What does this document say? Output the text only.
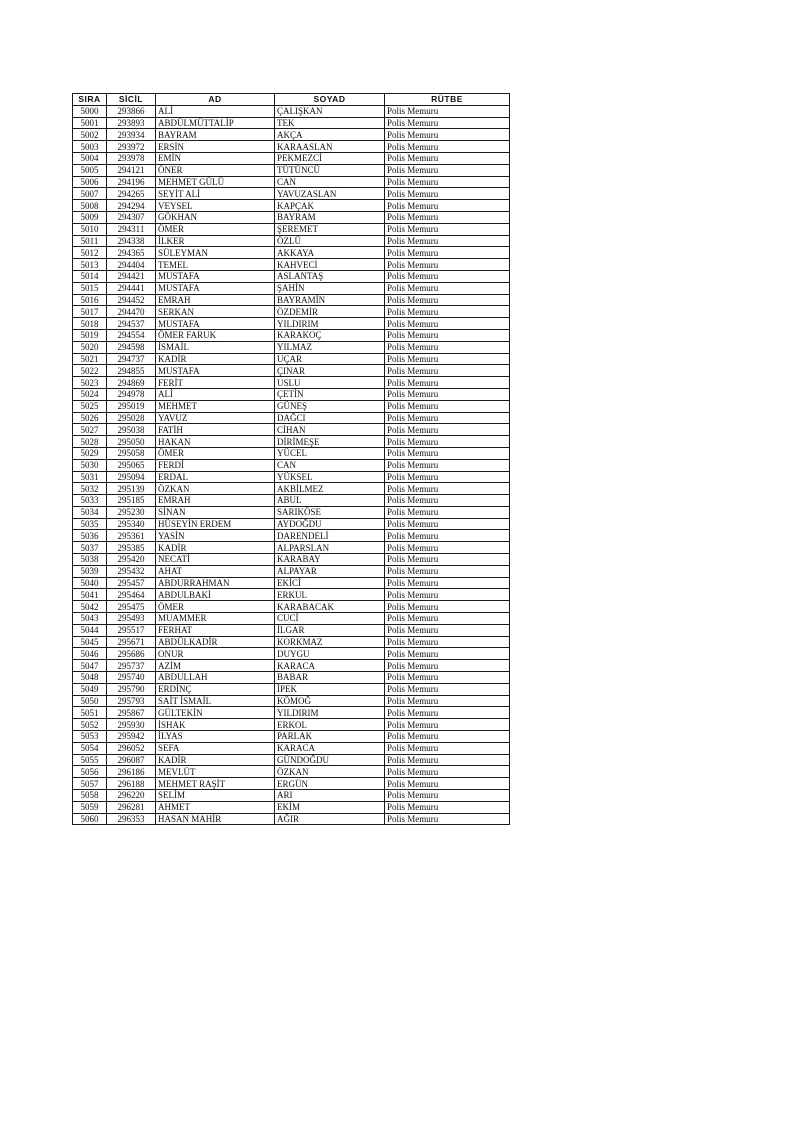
SIRA	SİCİL	AD	SOYAD	RÜTBE
5000	293866	ALİ	ÇALIŞKAN	Polis Memuru
5001	293893	ABDÜLMÜTTALİP	TEK	Polis Memuru
5002	293934	BAYRAM	AKÇA	Polis Memuru
5003	293972	ERSİN	KARAASLAN	Polis Memuru
5004	293978	EMİN	PEKMEZCİ	Polis Memuru
5005	294121	ÖNER	TÜTÜNCÜ	Polis Memuru
5006	294196	MEHMET GÜLÜ	CAN	Polis Memuru
5007	294265	SEYİT ALİ	YAVUZASLAN	Polis Memuru
5008	294294	VEYSEL	KAPÇAK	Polis Memuru
5009	294307	GÖKHAN	BAYRAM	Polis Memuru
5010	294311	ÖMER	ŞEREMET	Polis Memuru
5011	294338	İLKER	ÖZLÜ	Polis Memuru
5012	294365	SÜLEYMAN	AKKAYA	Polis Memuru
5013	294404	TEMEL	KAHVECİ	Polis Memuru
5014	294421	MUSTAFA	ASLANTAŞ	Polis Memuru
5015	294441	MUSTAFA	ŞAHİN	Polis Memuru
5016	294452	EMRAH	BAYRAMİN	Polis Memuru
5017	294470	SERKAN	ÖZDEMİR	Polis Memuru
5018	294537	MUSTAFA	YILDIRIM	Polis Memuru
5019	294554	ÖMER FARUK	KARAKOÇ	Polis Memuru
5020	294598	İSMAİL	YILMAZ	Polis Memuru
5021	294737	KADİR	UÇAR	Polis Memuru
5022	294855	MUSTAFA	ÇINAR	Polis Memuru
5023	294869	FERİT	USLU	Polis Memuru
5024	294978	ALİ	ÇETİN	Polis Memuru
5025	295019	MEHMET	GÜNEŞ	Polis Memuru
5026	295028	YAVUZ	DAĞCI	Polis Memuru
5027	295038	FATİH	CİHAN	Polis Memuru
5028	295050	HAKAN	DİRİMEŞE	Polis Memuru
5029	295058	ÖMER	YÜCEL	Polis Memuru
5030	295065	FERDİ	CAN	Polis Memuru
5031	295094	ERDAL	YÜKSEL	Polis Memuru
5032	295139	ÖZKAN	AKBİLMEZ	Polis Memuru
5033	295185	EMRAH	ABUL	Polis Memuru
5034	295230	SİNAN	SARIKÖSE	Polis Memuru
5035	295340	HÜSEYİN ERDEM	AYDOĞDU	Polis Memuru
5036	295361	YASİN	DARENDELİ	Polis Memuru
5037	295385	KADİR	ALPARSLAN	Polis Memuru
5038	295420	NECATİ	KARABAY	Polis Memuru
5039	295432	AHAT	ALPAYAR	Polis Memuru
5040	295457	ABDURRAHMAN	EKİCİ	Polis Memuru
5041	295464	ABDULBAKİ	ERKUL	Polis Memuru
5042	295475	ÖMER	KARABACAK	Polis Memuru
5043	295493	MUAMMER	CUCİ	Polis Memuru
5044	295517	FERHAT	İLGAR	Polis Memuru
5045	295671	ABDÜLKADİR	KORKMAZ	Polis Memuru
5046	295686	ONUR	DUYGU	Polis Memuru
5047	295737	AZİM	KARACA	Polis Memuru
5048	295740	ABDULLAH	BABAR	Polis Memuru
5049	295790	ERDİNÇ	İPEK	Polis Memuru
5050	295793	SAİT İSMAİL	KÖMOĞ	Polis Memuru
5051	295867	GÜLTEKİN	YILDIRIM	Polis Memuru
5052	295930	İSHAK	ERKOL	Polis Memuru
5053	295942	İLYAS	PARLAK	Polis Memuru
5054	296052	SEFA	KARACA	Polis Memuru
5055	296087	KADİR	GÜNDOĞDU	Polis Memuru
5056	296186	MEVLÜT	ÖZKAN	Polis Memuru
5057	296188	MEHMET RAŞİT	ERGÜN	Polis Memuru
5058	296220	SELİM	ARI	Polis Memuru
5059	296281	AHMET	EKİM	Polis Memuru
5060	296353	HASAN MAHİR	AĞIR	Polis Memuru
